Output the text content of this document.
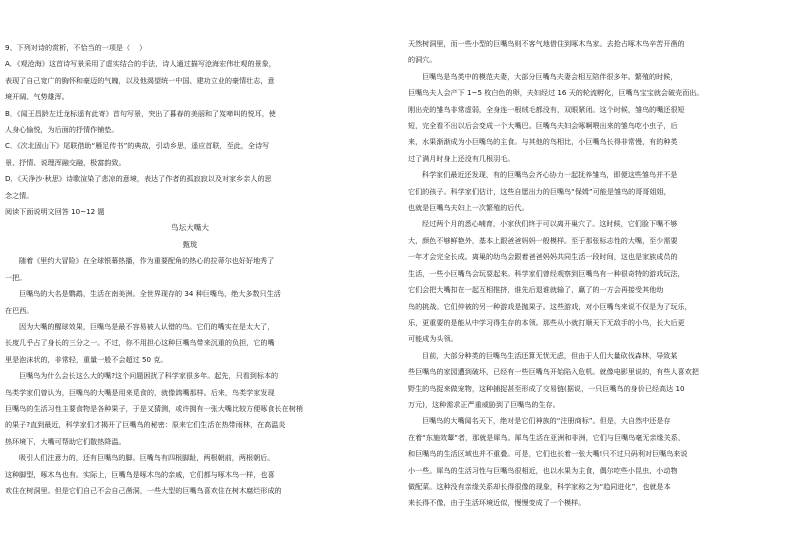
9、下列对诗的赏析，不恰当的一项是（    ）

A．《观沧海》这首诗写景采用了虚实结合的手法，诗人通过描写沧海宏伟壮观的景象，

表现了自己宽广的胸怀和豪迈的气魄，以及他渴望统一中国、建功立业的豪情壮志，意

境开阔、气势雄浑。

B．《闻王昌龄左迁龙标遥有此寄》首句写景，突出了暮春的美丽和了岌啼叫的悦耳，使

人身心愉悦，为后面的抒情作铺垫。

C．《次北固山下》尾联借助“雁足传书”的典故，引动乡思，遥应首联，至此，全诗写

景、抒情、说理浑融交融，极富韵致。

D．《天净沙·秋思》诗歌渲染了悲凉的意境，表达了作者的孤寂寂以及对家乡亲人的思

念之情。

阅读下面说明文回答 10~12 题

鸟坛大嘴大

甄珑

随着《里约大冒险》在全球银幕热播，作为重要配角的热心的拉蒂尔也好好地秀了

一把。

巨嘴鸟的大名是鹦鹉，生活在南美洲。全世界现存的 34 种巨嘴鸟，绝大多数只生活

在巴西。

因为大嘴的醒球效果，巨嘴鸟是最不容易被人认错的鸟。它们的嘴实在是太大了，

长度几乎占了身长的三分之一。不过，你不用担心这种巨嘴鸟带来沉重的负担，它的嘴

里是泡沫状的，非常轻，重量一般不会超过 50 克。

巨嘴鸟为什么会长这么大的嘴?这个问题困扰了科学家很多年。起先，只看到标本的

鸟类学家们曾认为，巨嘴鸟的大嘴是用来觅食的，就像鸽嘴那样。后来，鸟类学家发现

巨嘴鸟的生活习性主要食物是各种果子，于是又猜测，或许拥有一张大嘴比较方便啄食长在树梢

的果子?直到最近，科学家们才揭开了巨嘴鸟的秘密：原来它们生活在热带雨林，在高温炎

热环境下，大嘴可帮助它们散热降温。

吸引人们注意力的，还有巨嘴鸟的脚。巨嘴鸟有四根脚趾，两根朝前，两根朝后。

这种脚型，啄木鸟也有。实际上，巨嘴鸟是啄木鸟的亲戚，它们都与啄木鸟一样，也喜

欢住在树洞里。但是它们自己不会自己凿洞，一些大型的巨嘴鸟喜欢住在树木腐烂形成的

天然树洞里，而一些小型的巨嘴鸟则不客气地借住到啄木鸟家。去抢占啄木鸟辛苦开凿的

的洞穴。

巨嘴鸟是鸟类中的模范夫妻，大部分巨嘴鸟夫妻会相互陪伴很多年。繁殖的时候，

巨嘴鸟夫人会产下 1~5 枚白色的卵，夫妇经过 16 天的轮流孵化，巨嘴鸟宝宝就会破壳而出。

刚出壳的雏鸟非常虚弱，全身连一根绒毛都没有，双眼紧闭。这个时候，雏鸟的嘴还很短

短，完全看不出以后会变成一个大嘴巴。巨嘴鸟夫妇会啄啊喂出来的雏鸟吃小虫子，后

来，水果渐渐成为小巨嘴鸟的主食。与其他的鸟相比，小巨嘴鸟长得非常慢，有的种类

过了满月时身上还没有几根羽毛。

科学家们最近还发现，有的巨嘴鸟会齐心协力一起抚养雏鸟，即便这些雏鸟并不是

它们的孩子。科学家们估计，这些自愿出力的巨嘴鸟“保姆”可能是雏鸟的哥哥姐姐，

也就是巨嘴鸟夫妇上一次繁殖的后代。

经过两个月的悉心哺育，小家伙们终于可以离开巢穴了。这时候，它们脸下嘴不够

大，颜色不够鲜艳外，基本上跟爸爸妈妈一般模样。至于那张标志性的大嘴，至少需要

一年才会完全长成。离巢的幼鸟会跟着爸爸妈妈共同生活一段时间，这也是家族成员的

生活，一些小巨嘴鸟会玩耍起来。科学家们曾经观察到巨嘴鸟有一种很奇特的游戏玩法，

它们会把大嘴扣在一起互相推挤，谁先后退谁就输了，赢了的一方会再接受其他幼

鸟的挑战。它们仲被的另一种游戏是抛果子。这些游戏，对小巨嘴鸟来说不仅是为了玩乐，

乐，更重要的是能从中学习得生存的本领。那些从小就打顺天下无敌手的小鸟，长大后更

可能成为头领。

目前，大部分种类的巨嘴鸟生活还算无忧无虑，但由于人们大量砍伐森林，导致某

些巨嘴鸟的家园遭到破坏，已经有一些巨嘴鸟开始陷入危机。就像电影里说的，有些人喜欢把

野生的鸟捉来做宠物，这种捕捉甚至形成了交易链(据说，一只巨嘴鸟的身价已经高达 10

万元)，这种需求正严重威胁到了巨嘴鸟的生存。

巨嘴鸟的大嘴闻名天下，绝对是它们神族的“注册商标”。但是，大自然中还是存

在着“东施效颦”者，那就是犀鸟。犀鸟生活在亚洲和非洲，它们与巨嘴鸟毫无亲缘关系，

和巨嘴鸟的生活区域也并不重叠。可是，它们也长着一张大嘴!只不过只码利对巨嘴鸟来说

小一些。犀鸟的生活习性与巨嘴鸟很相近，也以水果为主食，偶尔吃些小昆虫、小动物

做配菜。这种没有亲缘关系却长得很像的现象，科学家称之为“趋同进化”，也就是本

来长得不像，由于生活环境近似，慢慢变成了一个模样。
